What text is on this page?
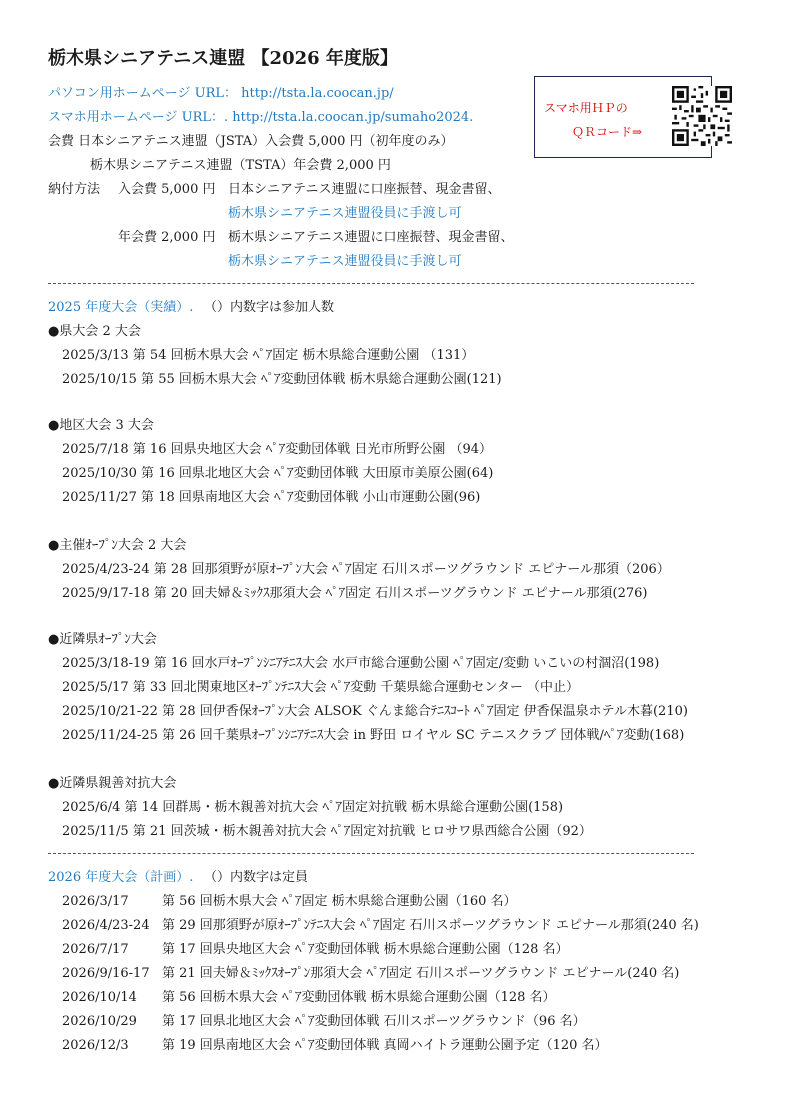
栃木県シニアテニス連盟 【2026 年度版】
パソコン用ホームページ URL： http://tsta.la.coocan.jp/
スマホ用ホームページ URL：. http://tsta.la.coocan.jp/sumaho2024.
スマホ用ＨＰの
ＱＲコード⇒
会費 日本シニアテニス連盟（JSTA）入会費 5,000 円（初年度のみ）
栃木県シニアテニス連盟（TSTA）年会費 2,000 円
納付方法 入会費 5,000 円 日本シニアテニス連盟に口座振替、現金書留、
栃木県シニアテニス連盟役員に手渡し可
年会費 2,000 円 栃木県シニアテニス連盟に口座振替、現金書留、
栃木県シニアテニス連盟役員に手渡し可
2025 年度大会（実績）. （）内数字は参加人数
●県大会 2 大会
2025/3/13 第 54 回栃木県大会 ﾍﾟｱ固定 栃木県総合運動公園 （131）
2025/10/15 第 55 回栃木県大会 ﾍﾟｱ変動団体戦 栃木県総合運動公園(121)
●地区大会 3 大会
2025/7/18 第 16 回県央地区大会 ﾍﾟｱ変動団体戦 日光市所野公園 （94）
2025/10/30 第 16 回県北地区大会 ﾍﾟｱ変動団体戦 大田原市美原公園(64)
2025/11/27 第 18 回県南地区大会 ﾍﾟｱ変動団体戦 小山市運動公園(96)
●主催ｵｰﾌﾟﾝ大会 2 大会
2025/4/23-24 第 28 回那須野が原ｵｰﾌﾟﾝ大会 ﾍﾟｱ固定 石川スポーツグラウンド エピナール那須（206）
2025/9/17-18 第 20 回夫婦＆ﾐｯｸｽ那須大会 ﾍﾟｱ固定 石川スポーツグラウンド エピナール那須(276)
●近隣県ｵｰﾌﾟﾝ大会
2025/3/18-19 第 16 回水戸ｵｰﾌﾟﾝｼﾆｱﾃﾆｽ大会 水戸市総合運動公園 ﾍﾟｱ固定/変動 いこいの村涸沼(198)
2025/5/17 第 33 回北関東地区ｵｰﾌﾟﾝﾃﾆｽ大会 ﾍﾟｱ変動 千葉県総合運動センター （中止）
2025/10/21-22 第 28 回伊香保ｵｰﾌﾟﾝ大会 ALSOK ぐんま総合ﾃﾆｽｺｰﾄ ﾍﾟｱ固定 伊香保温泉ホテル木暮(210)
2025/11/24-25 第 26 回千葉県ｵｰﾌﾟﾝｼﾆｱﾃﾆｽ大会 in 野田 ロイヤル SC テニスクラブ 団体戦/ﾍﾟｱ変動(168)
●近隣県親善対抗大会
2025/6/4 第 14 回群馬・栃木親善対抗大会 ﾍﾟｱ固定対抗戦 栃木県総合運動公園(158)
2025/11/5 第 21 回茨城・栃木親善対抗大会 ﾍﾟｱ固定対抗戦 ヒロサワ県西総合公園（92）
2026 年度大会（計画）. （）内数字は定員
2026/3/17	第 56 回栃木県大会 ﾍﾟｱ固定 栃木県総合運動公園（160 名）
2026/4/23-24 第 29 回那須野が原ｵｰﾌﾟﾝﾃﾆｽ大会 ﾍﾟｱ固定 石川スポーツグラウンド エピナール那須(240 名)
2026/7/17	第 17 回県央地区大会 ﾍﾟｱ変動団体戦 栃木県総合運動公園（128 名）
2026/9/16-17 第 21 回夫婦＆ﾐｯｸｽｵｰﾌﾟﾝ那須大会 ﾍﾟｱ固定 石川スポーツグラウンド エピナール(240 名)
2026/10/14 第 56 回栃木県大会 ﾍﾟｱ変動団体戦 栃木県総合運動公園（128 名）
2026/10/29 第 17 回県北地区大会 ﾍﾟｱ変動団体戦 石川スポーツグラウンド（96 名）
2026/12/3	第 19 回県南地区大会 ﾍﾟｱ変動団体戦 真岡ハイトラ運動公園予定（120 名）
